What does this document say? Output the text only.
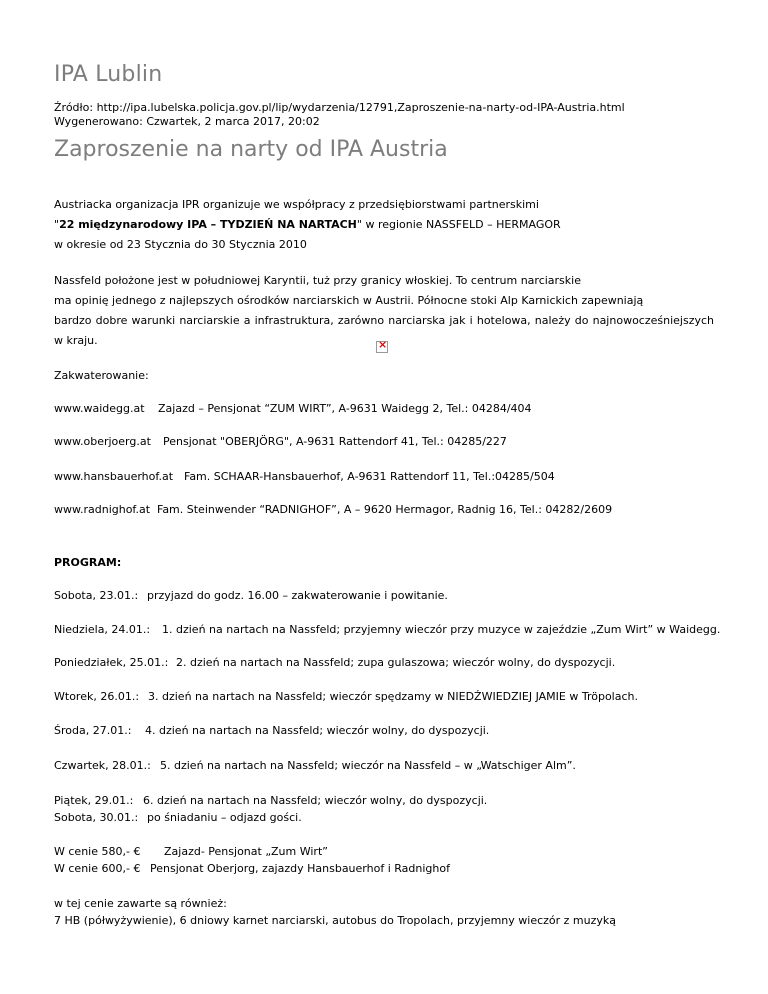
IPA Lublin
Źródło: http://ipa.lubelska.policja.gov.pl/lip/wydarzenia/12791,Zaproszenie-na-narty-od-IPA-Austria.html
Wygenerowano: Czwartek, 2 marca 2017, 20:02
Zaproszenie na narty od IPA Austria

Austriacka organizacja IPR organizuje we współpracy z przedsiębiorstwami partnerskimi
"22 międzynarodowy IPA – TYDZIEŃ NA NARTACH" w regionie NASSFELD – HERMAGOR
w okresie od 23 Stycznia do 30 Stycznia 2010

Nassfeld położone jest w południowej Karyntii, tuż przy granicy włoskiej. To centrum narciarskie
ma opinię jednego z najlepszych ośrodków narciarskich w Austrii. Północne stoki Alp Karnickich zapewniają
bardzo dobre warunki narciarskie a infrastruktura, zarówno narciarska jak i hotelowa, należy do najnowocześniejszych w kraju.

×
Zakwaterowanie:
www.waidegg.at Zajazd – Pensjonat “ZUM WIRT”, A-9631 Waidegg 2, Tel.: 04284/404
www.oberjoerg.at Pensjonat "OBERJÖRG", A-9631 Rattendorf 41, Tel.: 04285/227
www.hansbauerhof.at Fam. SCHAAR-Hansbauerhof, A-9631 Rattendorf 11, Tel.:04285/504
www.radnighof.at Fam. Steinwender “RADNIGHOF”, A – 9620 Hermagor, Radnig 16, Tel.: 04282/2609
PROGRAM:
Sobota, 23.01.: przyjazd do godz. 16.00 – zakwaterowanie i powitanie.
Niedziela, 24.01.: 1. dzień na nartach na Nassfeld; przyjemny wieczór przy muzyce w zajeździe „Zum Wirt” w Waidegg.
Poniedziałek, 25.01.: 2. dzień na nartach na Nassfeld; zupa gulaszowa; wieczór wolny, do dyspozycji.
Wtorek, 26.01.: 3. dzień na nartach na Nassfeld; wieczór spędzamy w NIEDŹWIEDZIEJ JAMIE w Tröpolach.
Środa, 27.01.: 4. dzień na nartach na Nassfeld; wieczór wolny, do dyspozycji.
Czwartek, 28.01.: 5. dzień na nartach na Nassfeld; wieczór na Nassfeld – w „Watschiger Alm”.
Piątek, 29.01.: 6. dzień na nartach na Nassfeld; wieczór wolny, do dyspozycji.
Sobota, 30.01.: po śniadaniu – odjazd gości.
W cenie 580,- € Zajazd- Pensjonat „Zum Wirt”
W cenie 600,- € Pensjonat Oberjorg, zajazdy Hansbauerhof i Radnighof
w tej cenie zawarte są również:
7 HB (półwyżywienie), 6 dniowy karnet narciarski, autobus do Tropolach, przyjemny wieczór z muzyką
